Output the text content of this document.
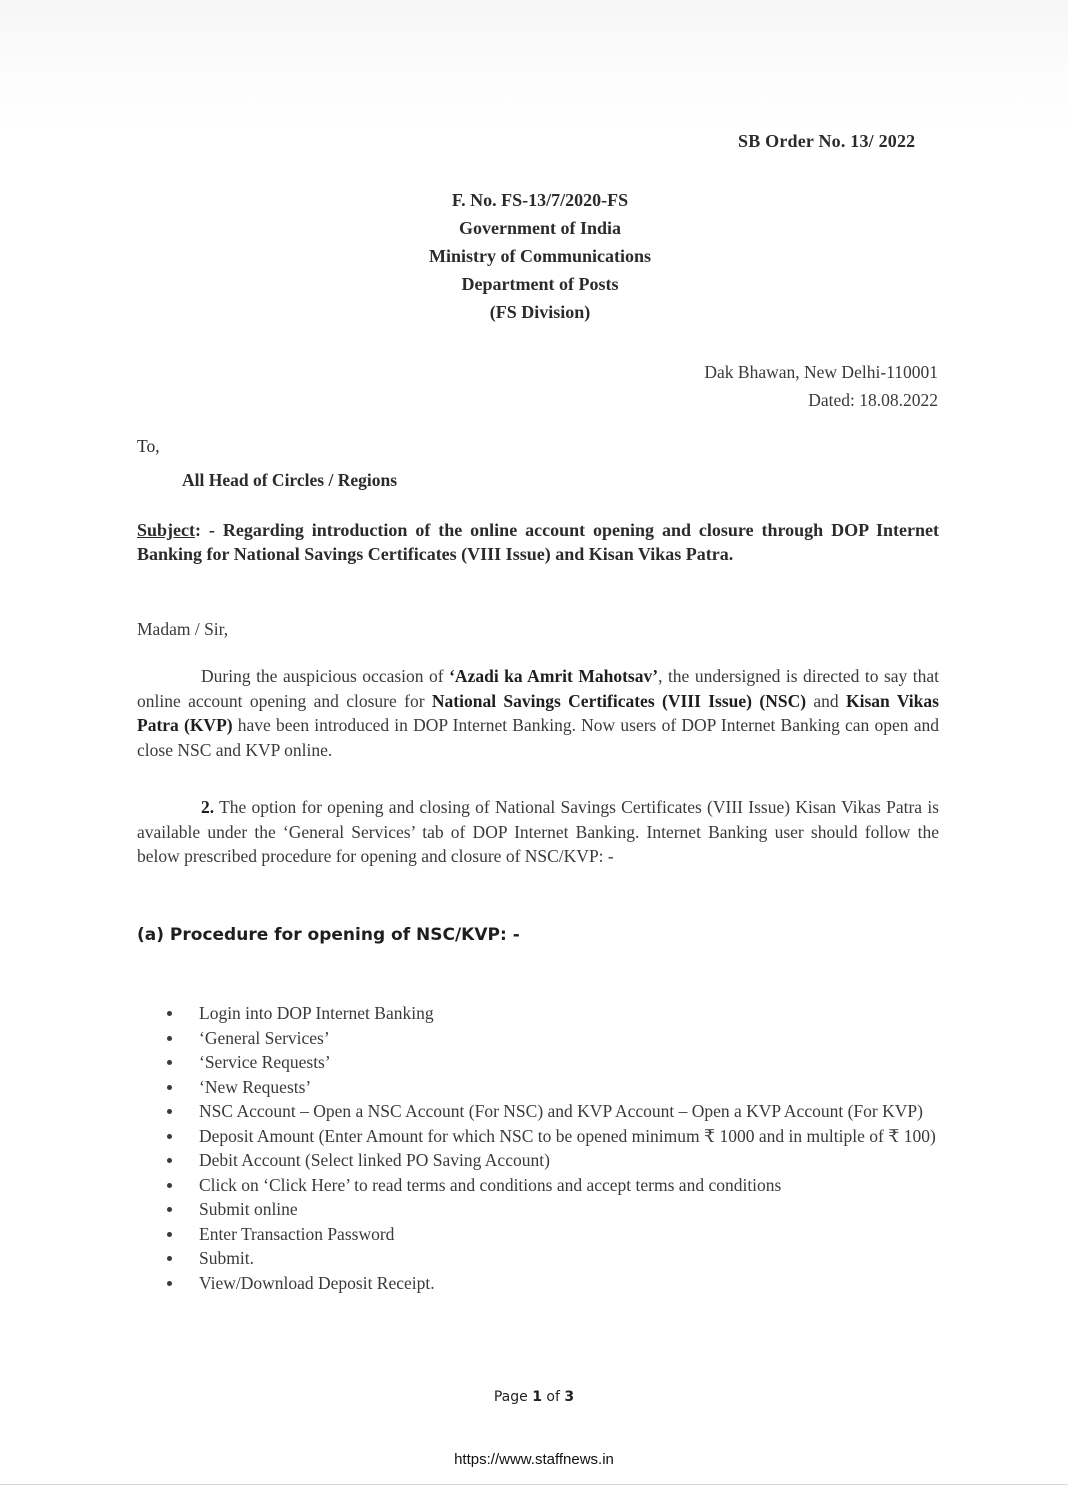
SB Order No. 13/ 2022
F. No. FS-13/7/2020-FS
Government of India
Ministry of Communications
Department of Posts
(FS Division)
Dak Bhawan, New Delhi-110001
Dated: 18.08.2022
To,
All Head of Circles / Regions
Subject: - Regarding introduction of the online account opening and closure through DOP Internet Banking for National Savings Certificates (VIII Issue) and Kisan Vikas Patra.
Madam / Sir,
During the auspicious occasion of ‘Azadi ka Amrit Mahotsav’, the undersigned is directed to say that online account opening and closure for National Savings Certificates (VIII Issue) (NSC) and Kisan Vikas Patra (KVP) have been introduced in DOP Internet Banking. Now users of DOP Internet Banking can open and close NSC and KVP online.
2. The option for opening and closing of National Savings Certificates (VIII Issue) Kisan Vikas Patra is available under the ‘General Services’ tab of DOP Internet Banking. Internet Banking user should follow the below prescribed procedure for opening and closure of NSC/KVP: -
(a) Procedure for opening of NSC/KVP: -
Login into DOP Internet Banking
‘General Services’
‘Service Requests’
‘New Requests’
NSC Account – Open a NSC Account (For NSC) and KVP Account – Open a KVP Account (For KVP)
Deposit Amount (Enter Amount for which NSC to be opened minimum ₹ 1000 and in multiple of ₹ 100)
Debit Account (Select linked PO Saving Account)
Click on ‘Click Here’ to read terms and conditions and accept terms and conditions
Submit online
Enter Transaction Password
Submit.
View/Download Deposit Receipt.
Page 1 of 3
https://www.staffnews.in
